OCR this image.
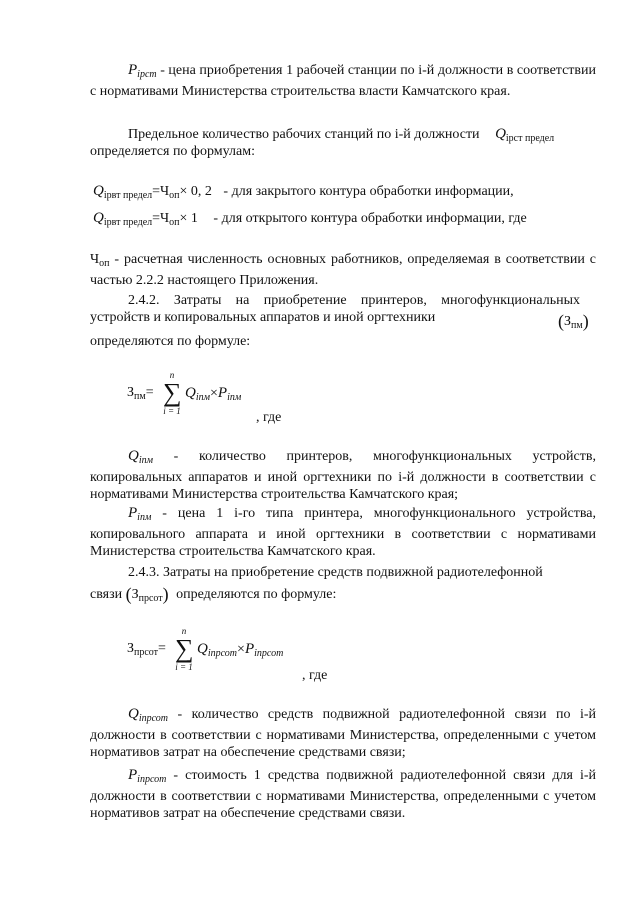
$P_{iрст}$ - цена приобретения 1 рабочей станции по i-й должности в соответствии с нормативами Министерства строительства власти Камчатского края.
Предельное количество рабочих станций по i-й должности $Q_{iрст предел}$
определяется по формулам:
$Q_{iрвт предел}=Ч_{оп}\times 0$, 2 - для закрытого контура обработки информации,
$Q_{iрвт предел}=Ч_{оп}\times 1$ - для открытого контура обработки информации, где
$Ч_{оп}$ - расчетная численность основных работников, определяемая в соответствии с частью 2.2.2 настоящего Приложения.
2.4.2. Затраты на приобретение принтеров, многофункциональных устройств и копировальных аппаратов и иной оргтехники	$(З_{пм})$
определяются по формуле:
$З_{пм}=$
n
∑
i = 1
$Q_{iпм}\times P_{iпм}$
, где
$Q_{iпм}$ - количество принтеров, многофункциональных устройств, копировальных аппаратов и иной оргтехники по i-й должности в соответствии с нормативами Министерства строительства Камчатского края;
$P_{iпм}$ - цена 1 i-го типа принтера, многофункционального устройства, копировального аппарата и иной оргтехники в соответствии с нормативами Министерства строительства Камчатского края.
2.4.3. Затраты на приобретение средств подвижной радиотелефонной
связи $(З_{прсот})$ определяются по формуле:
$З_{прсот}=$
n
∑
i = 1
$Q_{iпрсот}\times P_{iпрсот}$
, где
$Q_{iпрсот}$ - количество средств подвижной радиотелефонной связи по i-й должности в соответствии с нормативами Министерства, определенными с учетом нормативов затрат на обеспечение средствами связи;
$P_{iпрсот}$ - стоимость 1 средства подвижной радиотелефонной связи для i-й должности в соответствии с нормативами Министерства, определенными с учетом нормативов затрат на обеспечение средствами связи.
